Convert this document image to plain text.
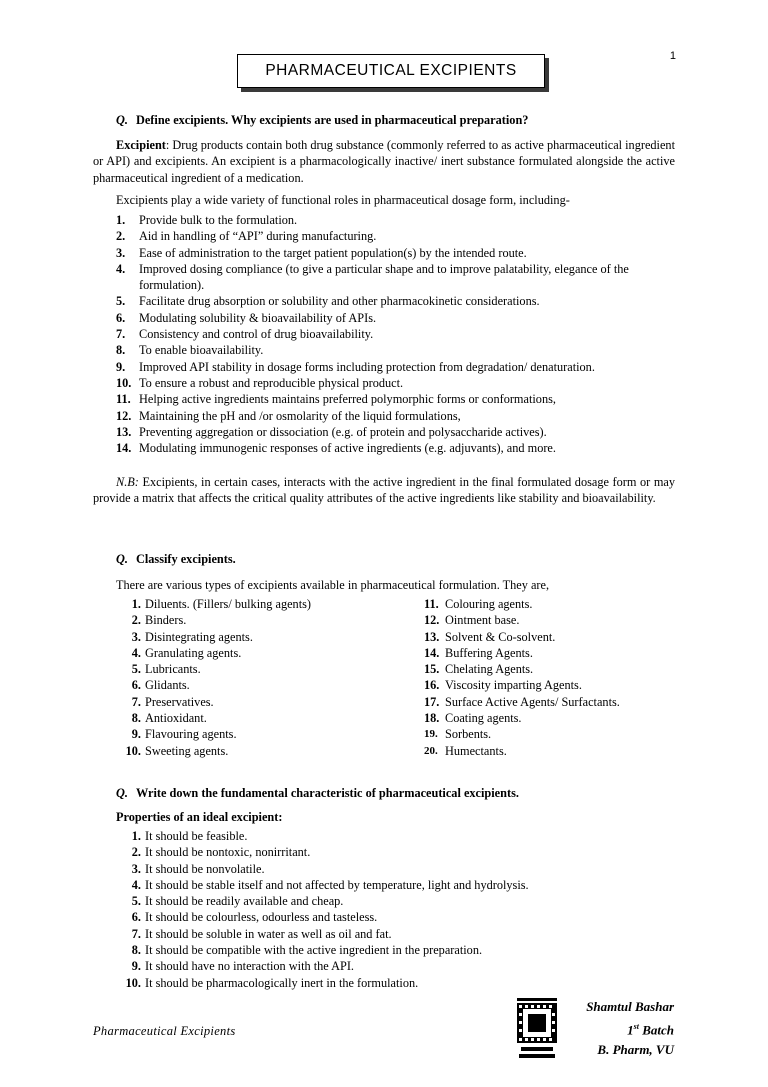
1
PHARMACEUTICAL EXCIPIENTS
Q. Define excipients. Why excipients are used in pharmaceutical preparation?
Excipient: Drug products contain both drug substance (commonly referred to as active pharmaceutical ingredient or API) and excipients. An excipient is a pharmacologically inactive/ inert substance formulated alongside the active pharmaceutical ingredient of a medication.
Excipients play a wide variety of functional roles in pharmaceutical dosage form, including-
1.	Provide bulk to the formulation.
2.	Aid in handling of “API” during manufacturing.
3.	Ease of administration to the target patient population(s) by the intended route.
4.	Improved dosing compliance (to give a particular shape and to improve palatability, elegance of the formulation).
5.	Facilitate drug absorption or solubility and other pharmacokinetic considerations.
6.	Modulating solubility & bioavailability of APIs.
7.	Consistency and control of drug bioavailability.
8.	To enable bioavailability.
9.	Improved API stability in dosage forms including protection from degradation/ denaturation.
10. To ensure a robust and reproducible physical product.
11. Helping active ingredients maintains preferred polymorphic forms or conformations,
12. Maintaining the pH and /or osmolarity of the liquid formulations,
13. Preventing aggregation or dissociation (e.g. of protein and polysaccharide actives).
14. Modulating immunogenic responses of active ingredients (e.g. adjuvants), and more.
N.B: Excipients, in certain cases, interacts with the active ingredient in the final formulated dosage form or may provide a matrix that affects the critical quality attributes of the active ingredients like stability and bioavailability.
Q. Classify excipients.
There are various types of excipients available in pharmaceutical formulation. They are,
1. Diluents. (Fillers/ bulking agents)
2. Binders.
3. Disintegrating agents.
4. Granulating agents.
5. Lubricants.
6. Glidants.
7. Preservatives.
8. Antioxidant.
9. Flavouring agents.
10. Sweeting agents.
11. Colouring agents.
12. Ointment base.
13. Solvent & Co-solvent.
14. Buffering Agents.
15. Chelating Agents.
16. Viscosity imparting Agents.
17. Surface Active Agents/ Surfactants.
18. Coating agents.
19. Sorbents.
20. Humectants.
Q. Write down the fundamental characteristic of pharmaceutical excipients.
Properties of an ideal excipient:
1. It should be feasible.
2. It should be nontoxic, nonirritant.
3. It should be nonvolatile.
4. It should be stable itself and not affected by temperature, light and hydrolysis.
5. It should be readily available and cheap.
6. It should be colourless, odourless and tasteless.
7. It should be soluble in water as well as oil and fat.
8. It should be compatible with the active ingredient in the preparation.
9. It should have no interaction with the API.
10. It should be pharmacologically inert in the formulation.
Pharmaceutical Excipients
Shamtul Bashar
1st Batch
B. Pharm, VU
